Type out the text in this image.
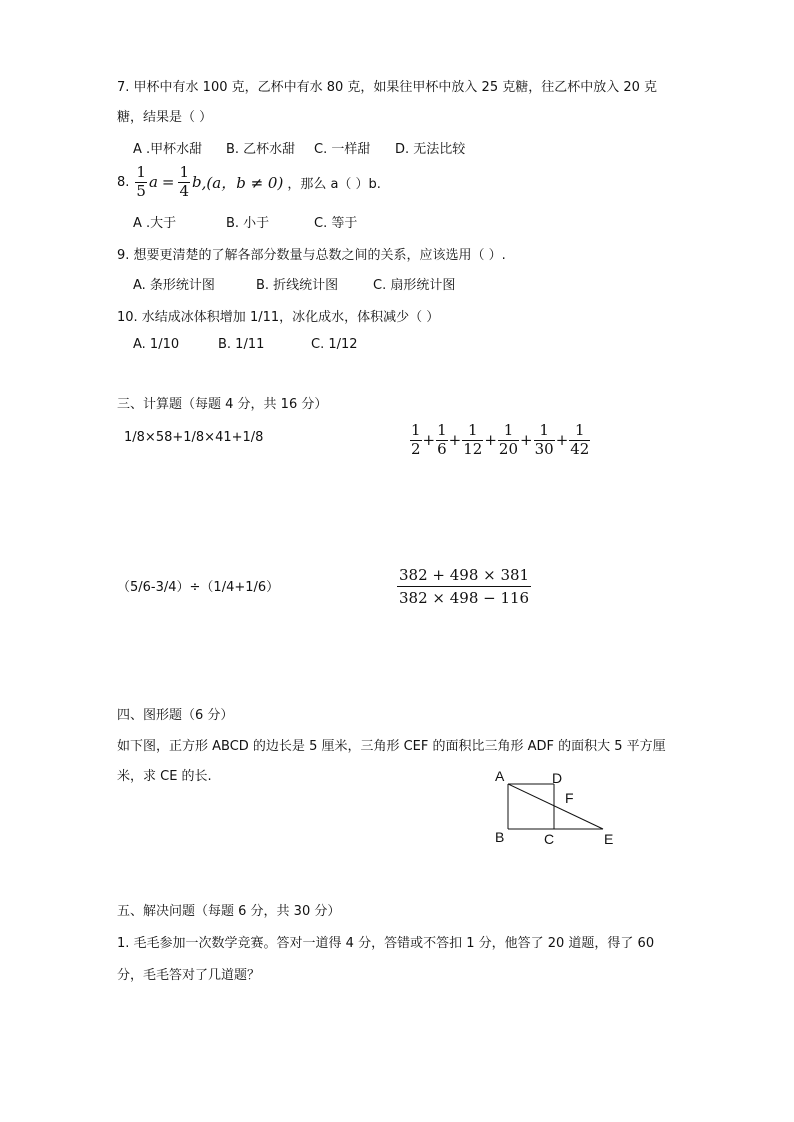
7. 甲杯中有水 100 克，乙杯中有水 80 克，如果往甲杯中放入 25 克糖，往乙杯中放入 20 克
糖，结果是（ ）
A .甲杯水甜 B. 乙杯水甜 C. 一样甜 D. 无法比较
8. $\frac{1}{5}$ $a = \frac{1}{4}$ b ,(a，b ≠ 0) ，那么 a（ ）b.
A .大于	B. 小于	C. 等于
9. 想要更清楚的了解各部分数量与总数之间的关系，应该选用（ ）.
A. 条形统计图	B. 折线统计图	C. 扇形统计图
10. 水结成冰体积增加 1/11，冰化成水，体积减少（ ）
A. 1/10	B. 1/11	C. 1/12
三、计算题（每题 4 分，共 16 分）
1/8×58+1/8×41+1/8	$\frac{1}{2} + \frac{1}{6} + \frac{1}{12} + \frac{1}{20} + \frac{1}{30} + \frac{1}{42}$
（5/6-3/4）÷（1/4+1/6）	$\frac{382 + 498 \times 381}{382 \times 498 - 116}$
四、图形题（6 分）
如下图，正方形 ABCD 的边长是 5 厘米，三角形 CEF 的面积比三角形 ADF 的面积大 5 平方厘
米，求 CE 的长.	A	D
F
B	C	E
五、解决问题（每题 6 分，共 30 分）
1. 毛毛参加一次数学竞赛。答对一道得 4 分，答错或不答扣 1 分，他答了 20 道题，得了 60
分，毛毛答对了几道题？
